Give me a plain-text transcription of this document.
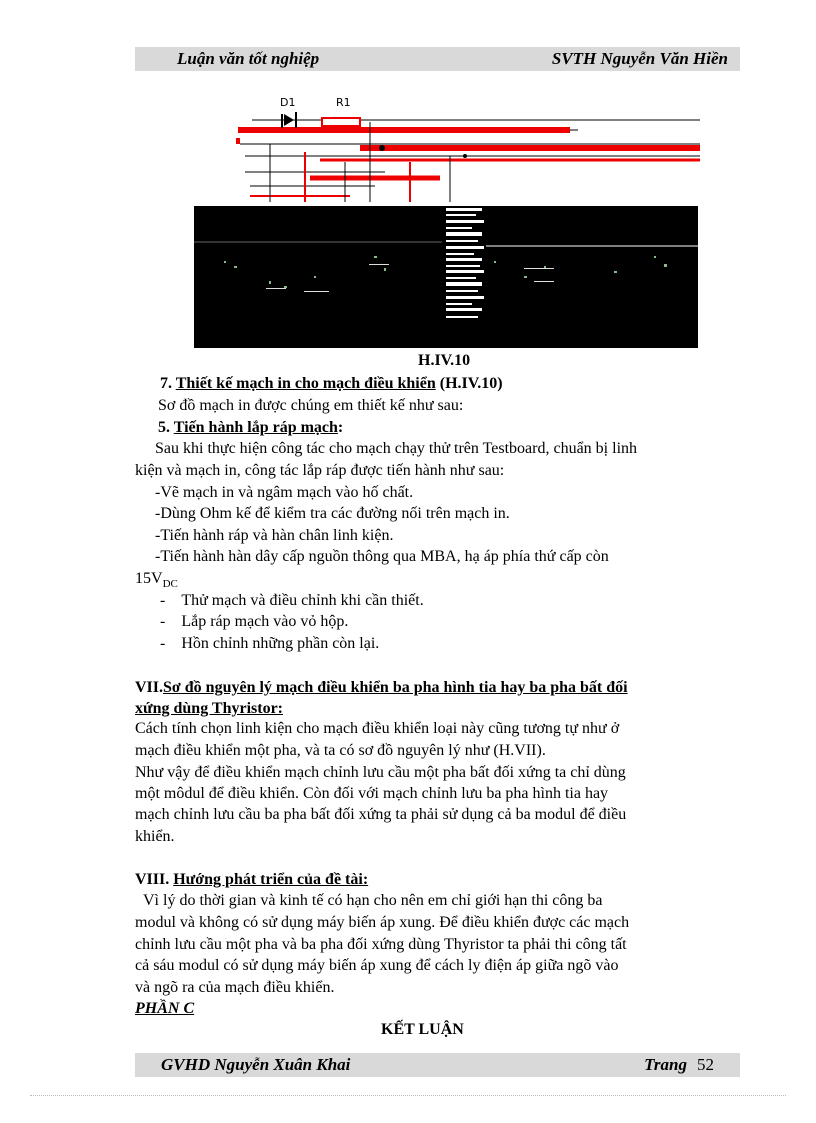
Luận văn tốt nghiệp	SVTH Nguyễn Văn Hiền
D1	R1
H.IV.10
7. Thiết kế mạch in cho mạch điều khiển (H.IV.10)
Sơ đồ mạch in được chúng em thiết kế như sau:
5. Tiến hành lắp ráp mạch:
Sau khi thực hiện công tác cho mạch chạy thử trên Testboard, chuẩn bị linh
kiện và mạch in, công tác lắp ráp được tiến hành như sau:
-Vẽ mạch in và ngâm mạch vào hố chất.
-Dùng Ohm kế để kiểm tra các đường nối trên mạch in.
-Tiến hành ráp và hàn chân linh kiện.
-Tiến hành hàn dây cấp nguồn thông qua MBA, hạ áp phía thứ cấp còn
$15V_{DC}$
-    Thử mạch và điều chỉnh khi cần thiết.
-    Lắp ráp mạch vào vỏ hộp.
-    Hồn chỉnh những phần còn lại.
VII.Sơ đồ nguyên lý mạch điều khiển ba pha hình tia hay ba pha bất đối
xứng dùng Thyristor:
Cách tính chọn linh kiện cho mạch điều khiển loại này cũng tương tự như ở
mạch điều khiển một pha, và ta có sơ đồ nguyên lý như (H.VII).
Như vậy để điều khiển mạch chỉnh lưu cầu một pha bất đối xứng ta chỉ dùng
một môdul để điều khiển. Còn đối với mạch chỉnh lưu ba pha hình tia hay
mạch chỉnh lưu cầu ba pha bất đối xứng ta phải sử dụng cả ba modul để điều
khiển.
VIII. Hướng phát triển của đề tài:
Vì lý do thời gian và kinh tế có hạn cho nên em chỉ giới hạn thi công ba
modul và không có sử dụng máy biến áp xung. Để điều khiển được các mạch
chỉnh lưu cầu một pha và ba pha đối xứng dùng Thyristor ta phải thi công tất
cả sáu modul có sử dụng máy biến áp xung để cách ly điện áp giữa ngõ vào
và ngõ ra của mạch điều khiển.
PHẦN C
KẾT LUẬN
GVHD Nguyễn Xuân Khai	Trang 52
